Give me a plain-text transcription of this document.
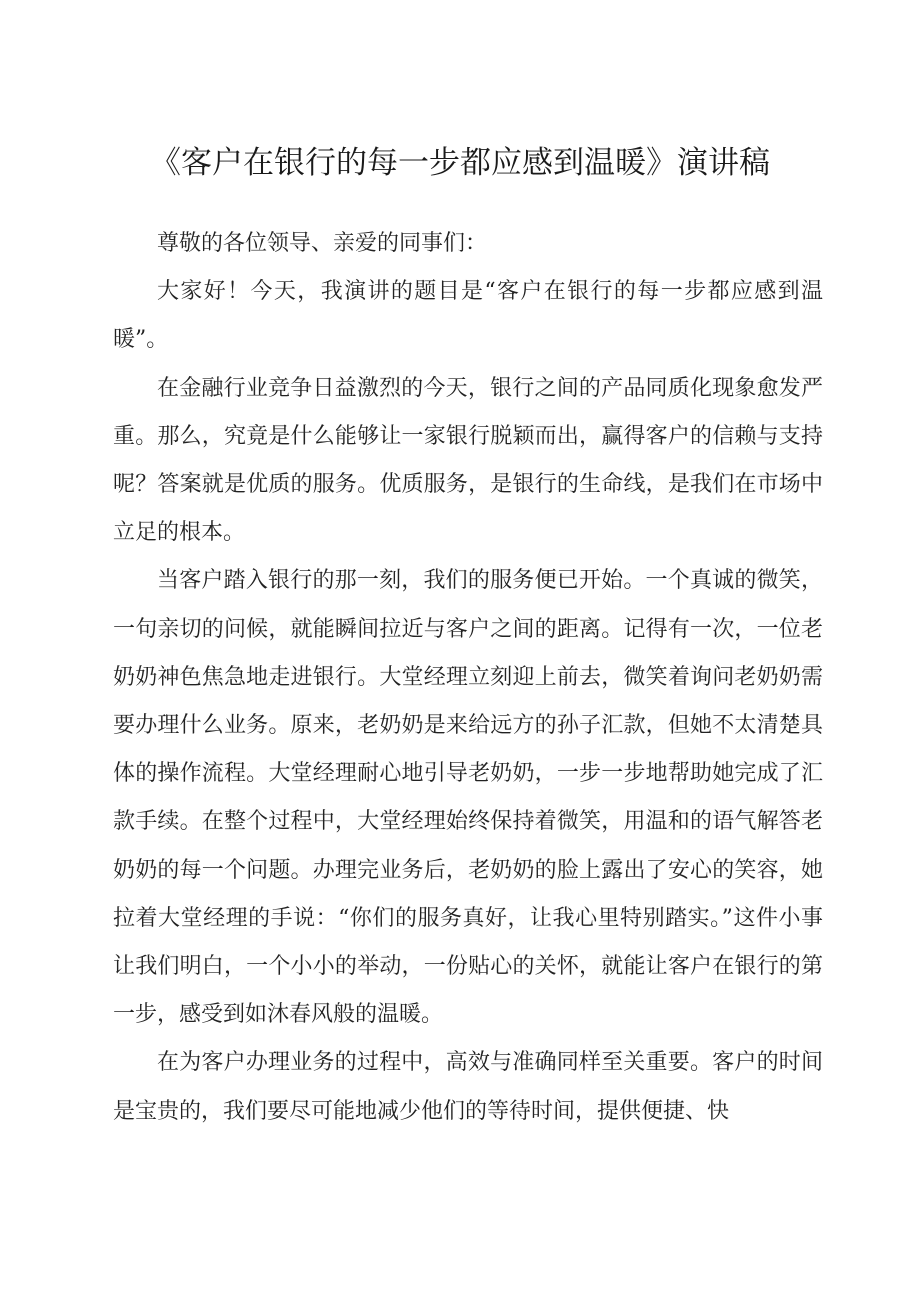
《客户在银行的每一步都应感到温暖》演讲稿

尊敬的各位领导、亲爱的同事们：

大家好！今天，我演讲的题目是“客户在银行的每一步都应感到温暖”。

在金融行业竞争日益激烈的今天，银行之间的产品同质化现象愈发严重。那么，究竟是什么能够让一家银行脱颖而出，赢得客户的信赖与支持呢？答案就是优质的服务。优质服务，是银行的生命线，是我们在市场中立足的根本。

当客户踏入银行的那一刻，我们的服务便已开始。一个真诚的微笑，一句亲切的问候，就能瞬间拉近与客户之间的距离。记得有一次，一位老奶奶神色焦急地走进银行。大堂经理立刻迎上前去，微笑着询问老奶奶需要办理什么业务。原来，老奶奶是来给远方的孙子汇款，但她不太清楚具体的操作流程。大堂经理耐心地引导老奶奶，一步一步地帮助她完成了汇款手续。在整个过程中，大堂经理始终保持着微笑，用温和的语气解答老奶奶的每一个问题。办理完业务后，老奶奶的脸上露出了安心的笑容，她拉着大堂经理的手说：“你们的服务真好，让我心里特别踏实。”这件小事让我们明白，一个小小的举动，一份贴心的关怀，就能让客户在银行的第一步，感受到如沐春风般的温暖。

在为客户办理业务的过程中，高效与准确同样至关重要。客户的时间是宝贵的，我们要尽可能地减少他们的等待时间，提供便捷、快
